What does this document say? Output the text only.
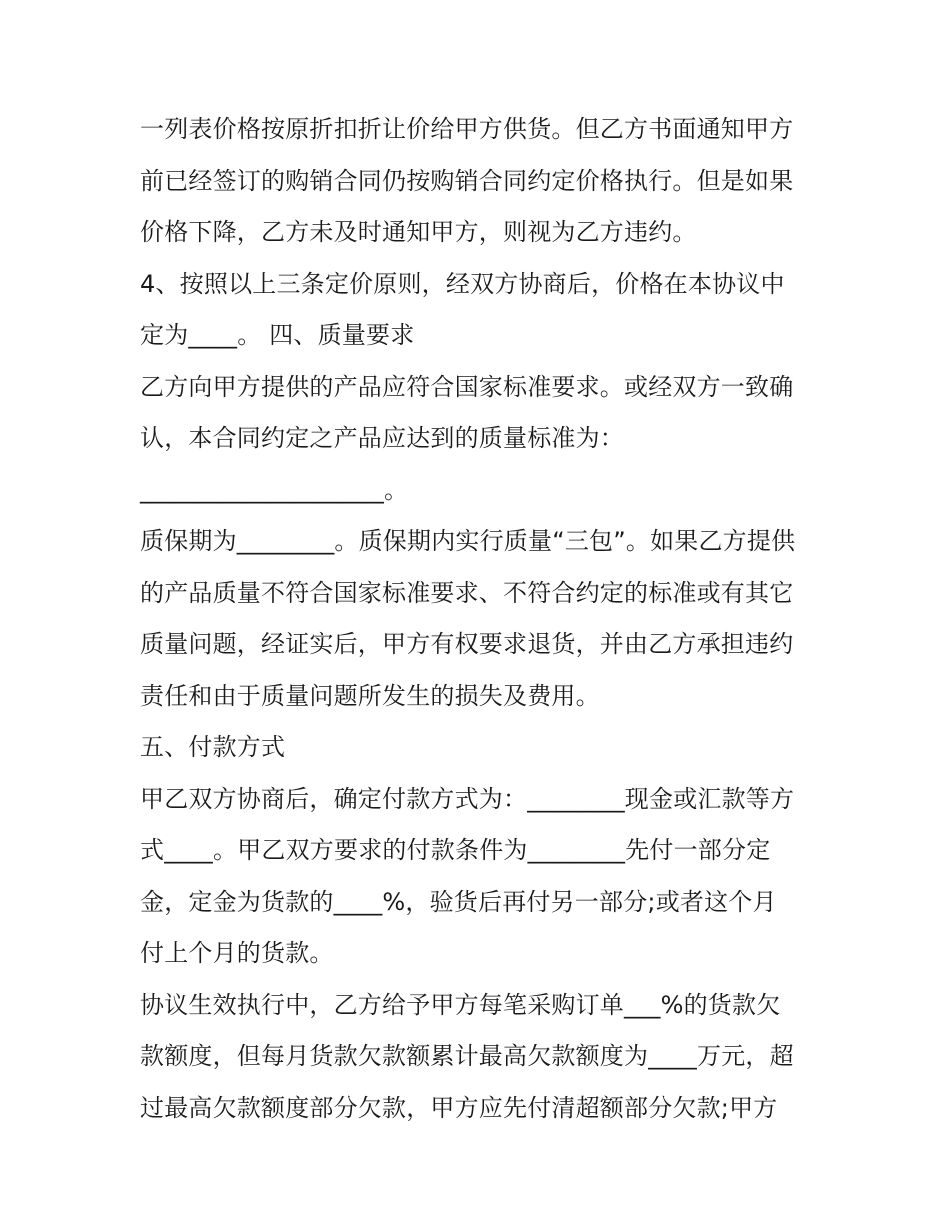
一列表价格按原折扣折让价给甲方供货。但乙方书面通知甲方
前已经签订的购销合同仍按购销合同约定价格执行。但是如果
价格下降，乙方未及时通知甲方，则视为乙方违约。
4、按照以上三条定价原则，经双方协商后，价格在本协议中
定为____。 四、质量要求
乙方向甲方提供的产品应符合国家标准要求。或经双方一致确
认，本合同约定之产品应达到的质量标准为：
____________________。
质保期为________。质保期内实行质量“三包”。如果乙方提供
的产品质量不符合国家标准要求、不符合约定的标准或有其它
质量问题，经证实后，甲方有权要求退货，并由乙方承担违约
责任和由于质量问题所发生的损失及费用。
五、付款方式
甲乙双方协商后，确定付款方式为：________现金或汇款等方
式____。甲乙双方要求的付款条件为________先付一部分定
金，定金为货款的____%，验货后再付另一部分;或者这个月
付上个月的货款。
协议生效执行中，乙方给予甲方每笔采购订单___%的货款欠
款额度，但每月货款欠款额累计最高欠款额度为____万元，超
过最高欠款额度部分欠款，甲方应先付清超额部分欠款;甲方
